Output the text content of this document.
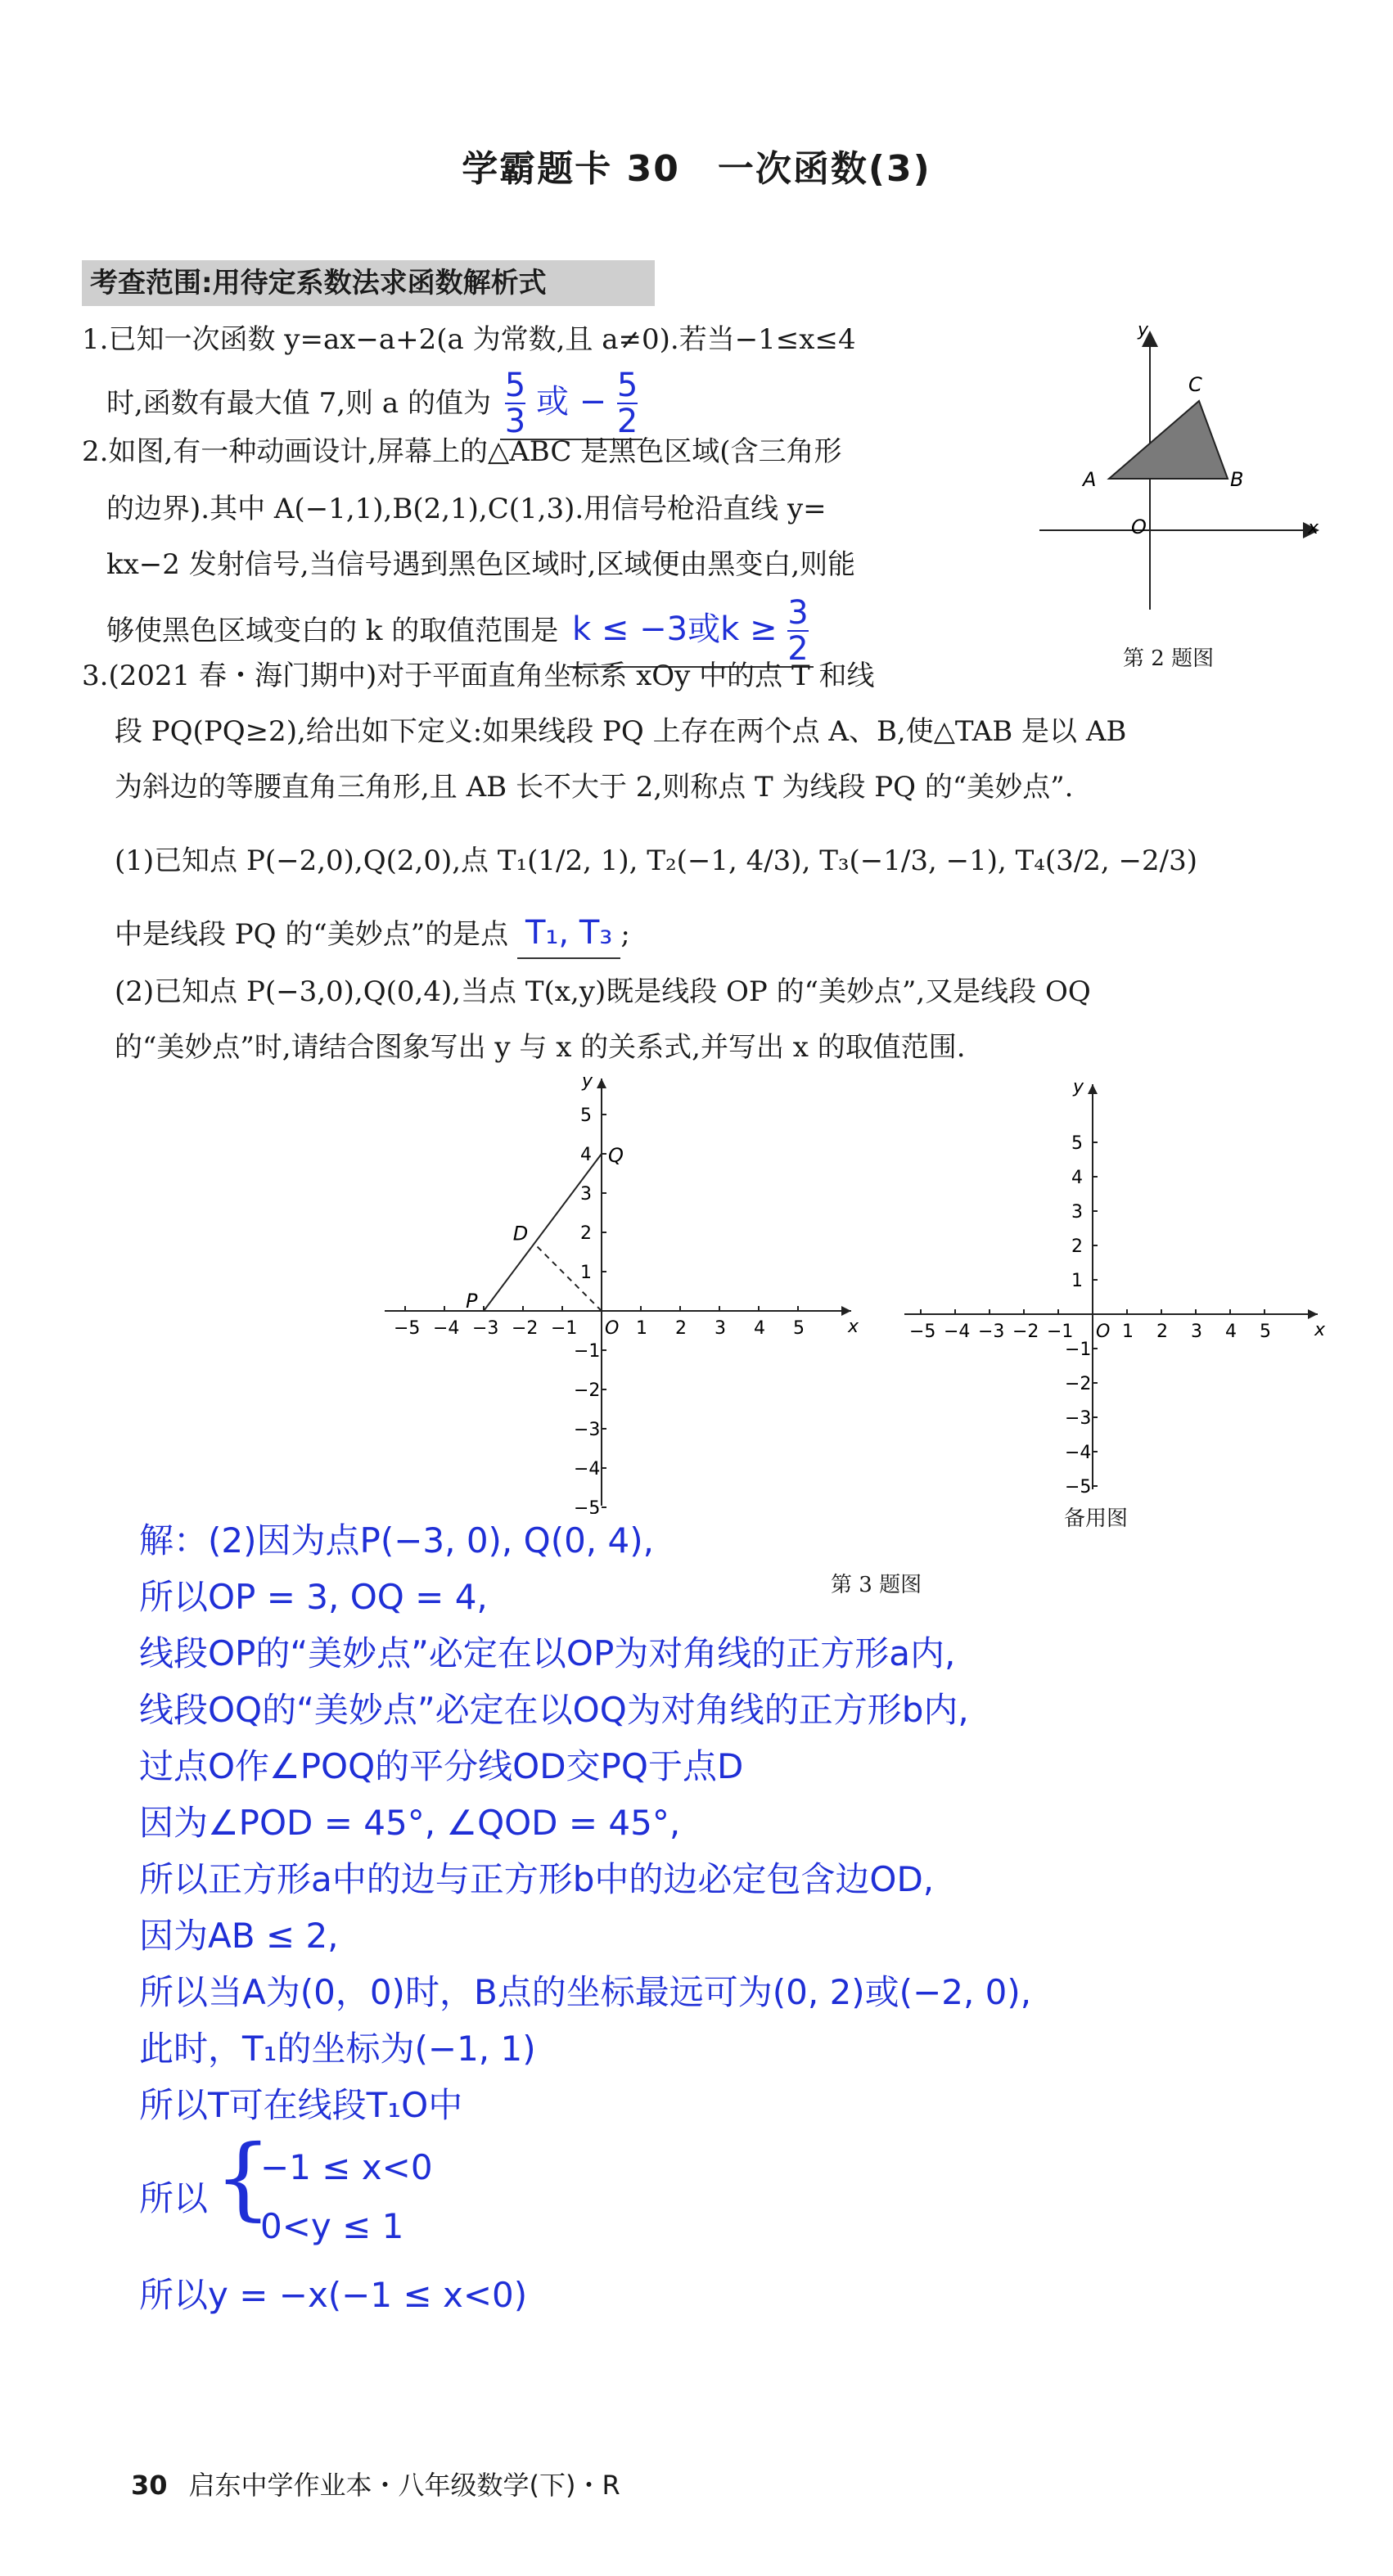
学霸题卡 30　一次函数(3)
考查范围:用待定系数法求函数解析式
1.已知一次函数 y=ax−a+2(a 为常数,且 a≠0).若当−1≤x≤4
时,函数有最大值 7,则 a 的值为 $\frac{5}{3}$ 或 − $\frac{5}{2}$
2.如图,有一种动画设计,屏幕上的△ABC 是黑色区域(含三角形
的边界).其中 A(−1,1),B(2,1),C(1,3).用信号枪沿直线 y=
kx−2 发射信号,当信号遇到黑色区域时,区域便由黑变白,则能
够使黑色区域变白的 k 的取值范围是 k ≤ −3或$k \ge \frac{3}{2}$
y
x
O
A	B
C
第 2 题图
3.(2021 春・海门期中)对于平面直角坐标系 xOy 中的点 T 和线
段 PQ(PQ≥2),给出如下定义:如果线段 PQ 上存在两个点 A、B,使△TAB 是以 AB
为斜边的等腰直角三角形,且 AB 长不大于 2,则称点 T 为线段 PQ 的“美妙点”.
(1)已知点 P(−2,0),Q(2,0),点 T₁(1/2, 1), T₂(−1, 4/3), T₃(−1/3, −1), T₄(3/2, −2/3)
中是线段 PQ 的“美妙点”的是点 T₁, T₃ ;
(2)已知点 P(−3,0),Q(0,4),当点 T(x,y)既是线段 OP 的“美妙点”,又是线段 OQ
的“美妙点”时,请结合图象写出 y 与 x 的关系式,并写出 x 的取值范围.
−5 −4 −3 −2 −1	1 2 3 4 5
1
−1
2
−2
3
−3
4
−4
5
−5
x
y
O
P
Q
D
−5 −4 −3 −2 −1	1 2 3 4 5
1
−1
2
−2
3
−3
4
−4
5
−5
x
y
O
备用图
第 3 题图
解：(2)因为点P(−3, 0), Q(0, 4),
所以OP = 3, OQ = 4,
线段OP的“美妙点”必定在以OP为对角线的正方形a内,
线段OQ的“美妙点”必定在以OQ为对角线的正方形b内,
过点O作∠POQ的平分线OD交PQ于点D
因为∠POD = 45°, ∠QOD = 45°,
所以正方形a中的边与正方形b中的边必定包含边OD,
因为AB ≤ 2,
所以当A为(0，0)时，B点的坐标最远可为(0, 2)或(−2, 0),
此时，T₁的坐标为(−1, 1)
所以T可在线段T₁O中
所以 {
−1 ≤ x<0
0<y ≤ 1
所以y = −x(−1 ≤ x<0)
30 启东中学作业本・八年级数学(下)・R
